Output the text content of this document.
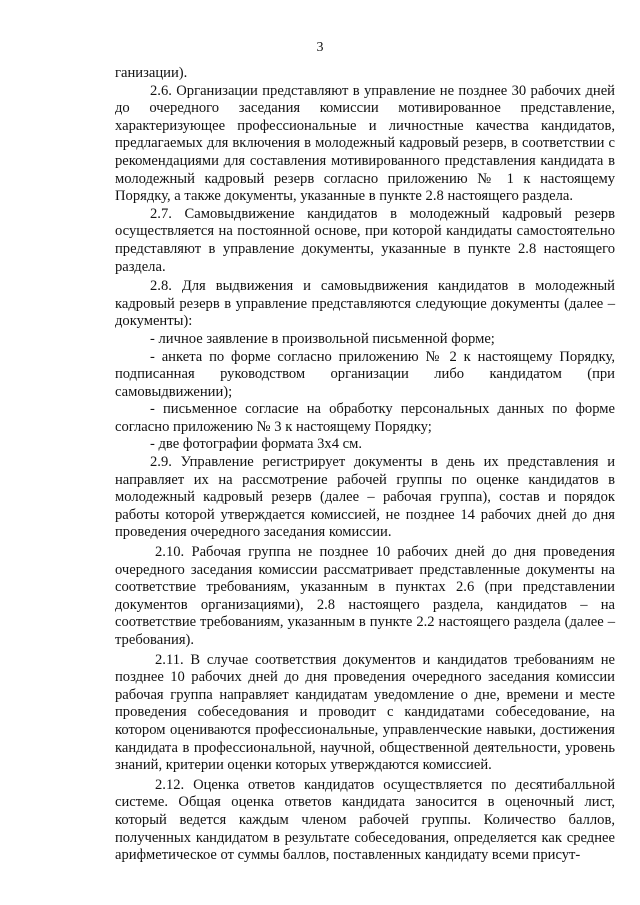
3

ганизации).

2.6. Организации представляют в управление не позднее 30 рабочих дней до очередного заседания комиссии мотивированное представление, характеризующее профессиональные и личностные качества кандидатов, предлагаемых для включения в молодежный кадровый резерв, в соответствии с рекомендациями для составления мотивированного представления кандидата в молодежный кадровый резерв согласно приложению № 1 к настоящему Порядку, а также документы, указанные в пункте 2.8 настоящего раздела.

2.7. Самовыдвижение кандидатов в молодежный кадровый резерв осуществляется на постоянной основе, при которой кандидаты самостоятельно представляют в управление документы, указанные в пункте 2.8 настоящего раздела.

2.8. Для выдвижения и самовыдвижения кандидатов в молодежный кадровый резерв в управление представляются следующие документы (далее – документы):

- личное заявление в произвольной письменной форме;

- анкета по форме согласно приложению № 2 к настоящему Порядку, подписанная руководством организации либо кандидатом (при самовыдвижении);

- письменное согласие на обработку персональных данных по форме согласно приложению № 3 к настоящему Порядку;

- две фотографии формата 3х4 см.

2.9. Управление регистрирует документы в день их представления и направляет их на рассмотрение рабочей группы по оценке кандидатов в молодежный кадровый резерв (далее – рабочая группа), состав и порядок работы которой утверждается комиссией, не позднее 14 рабочих дней до дня проведения очередного заседания комиссии.

2.10. Рабочая группа не позднее 10 рабочих дней до дня проведения очередного заседания комиссии рассматривает представленные документы на соответствие требованиям, указанным в пунктах 2.6 (при представлении документов организациями), 2.8 настоящего раздела, кандидатов – на соответствие требованиям, указанным в пункте 2.2 настоящего раздела (далее – требования).

2.11. В случае соответствия документов и кандидатов требованиям не позднее 10 рабочих дней до дня проведения очередного заседания комиссии рабочая группа направляет кандидатам уведомление о дне, времени и месте проведения собеседования и проводит с кандидатами собеседование, на котором оцениваются профессиональные, управленческие навыки, достижения кандидата в профессиональной, научной, общественной деятельности, уровень знаний, критерии оценки которых утверждаются комиссией.

2.12. Оценка ответов кандидатов осуществляется по десятибалльной системе. Общая оценка ответов кандидата заносится в оценочный лист, который ведется каждым членом рабочей группы. Количество баллов, полученных кандидатом в результате собеседования, определяется как среднее арифметическое от суммы баллов, поставленных кандидату всеми присут-
